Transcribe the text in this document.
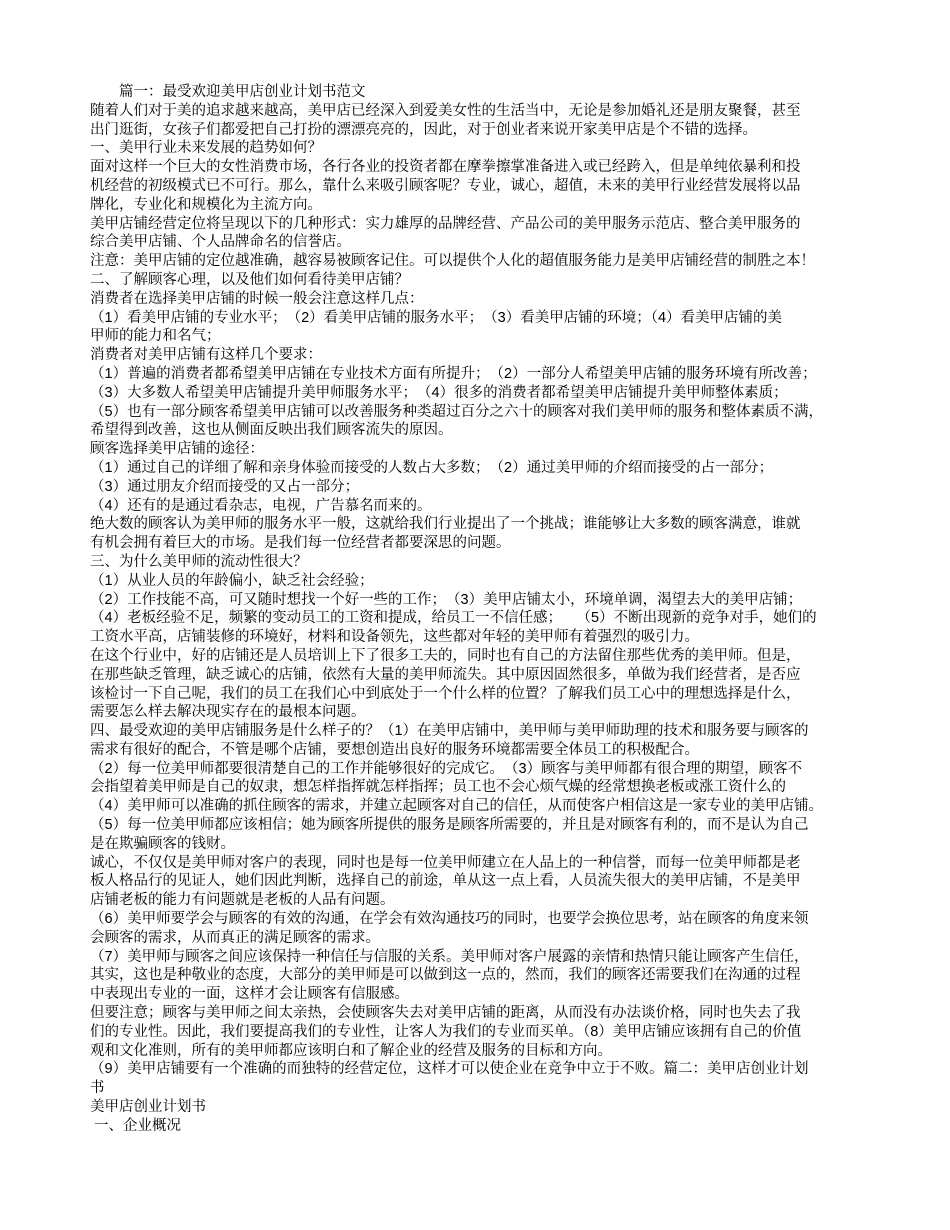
　　篇一：最受欢迎美甲店创业计划书范文
随着人们对于美的追求越来越高，美甲店已经深入到爱美女性的生活当中，无论是参加婚礼还是朋友聚餐，甚至
出门逛街，女孩子们都爱把自己打扮的漂漂亮亮的，因此，对于创业者来说开家美甲店是个不错的选择。
一、美甲行业未来发展的趋势如何？
面对这样一个巨大的女性消费市场，各行各业的投资者都在摩拳擦掌准备进入或已经跨入，但是单纯依暴利和投
机经营的初级模式已不可行。那么，靠什么来吸引顾客呢？专业，诚心，超值，未来的美甲行业经营发展将以品
牌化，专业化和规模化为主流方向。
美甲店铺经营定位将呈现以下的几种形式：实力雄厚的品牌经营、产品公司的美甲服务示范店、整合美甲服务的
综合美甲店铺、个人品牌命名的信誉店。
注意：美甲店铺的定位越准确，越容易被顾客记住。可以提供个人化的超值服务能力是美甲店铺经营的制胜之本！
二、了解顾客心理，以及他们如何看待美甲店铺？
消费者在选择美甲店铺的时候一般会注意这样几点：
（1）看美甲店铺的专业水平；　（2）看美甲店铺的服务水平；　（3）看美甲店铺的环境；（4）看美甲店铺的美
甲师的能力和名气；
消费者对美甲店铺有这样几个要求：
（1）普遍的消费者都希望美甲店铺在专业技术方面有所提升；　（2）一部分人希望美甲店铺的服务环境有所改善；
（3）大多数人希望美甲店铺提升美甲师服务水平；　（4）很多的消费者都希望美甲店铺提升美甲师整体素质；
（5）也有一部分顾客希望美甲店铺可以改善服务种类超过百分之六十的顾客对我们美甲师的服务和整体素质不满，
希望得到改善，这也从侧面反映出我们顾客流失的原因。
顾客选择美甲店铺的途径：
（1）通过自己的详细了解和亲身体验而接受的人数占大多数；　（2）通过美甲师的介绍而接受的占一部分；
（3）通过朋友介绍而接受的又占一部分；
（4）还有的是通过看杂志，电视，广告慕名而来的。
绝大数的顾客认为美甲师的服务水平一般，这就给我们行业提出了一个挑战；谁能够让大多数的顾客满意，谁就
有机会拥有着巨大的市场。是我们每一位经营者都要深思的问题。
三、为什么美甲师的流动性很大？
（1）从业人员的年龄偏小，缺乏社会经验；
（2）工作技能不高，可又随时想找一个好一些的工作；　（3）美甲店铺太小，环境单调，渴望去大的美甲店铺；
（4）老板经验不足，频繁的变动员工的工资和提成，给员工一不信任感；　　（5）不断出现新的竞争对手，她们的
工资水平高，店铺装修的环境好，材料和设备领先，这些都对年轻的美甲师有着强烈的吸引力。
在这个行业中，好的店铺还是人员培训上下了很多工夫的，同时也有自己的方法留住那些优秀的美甲师。但是，
在那些缺乏管理，缺乏诚心的店铺，依然有大量的美甲师流失。其中原因固然很多，单做为我们经营者，是否应
该检讨一下自己呢，我们的员工在我们心中到底处于一个什么样的位置？了解我们员工心中的理想选择是什么，
需要怎么样去解决现实存在的最根本问题。
四、最受欢迎的美甲店铺服务是什么样子的？（1）在美甲店铺中，美甲师与美甲师助理的技术和服务要与顾客的
需求有很好的配合，不管是哪个店铺，要想创造出良好的服务环境都需要全体员工的积极配合。
（2）每一位美甲师都要很清楚自己的工作并能够很好的完成它。　（3）顾客与美甲师都有很合理的期望，顾客不
会指望着美甲师是自己的奴隶，想怎样指挥就怎样指挥；员工也不会心烦气燥的经常想换老板或涨工资什么的
（4）美甲师可以准确的抓住顾客的需求，并建立起顾客对自己的信任，从而使客户相信这是一家专业的美甲店铺。
（5）每一位美甲师都应该相信；她为顾客所提供的服务是顾客所需要的，并且是对顾客有利的，而不是认为自己
是在欺骗顾客的钱财。
诚心，不仅仅是美甲师对客户的表现，同时也是每一位美甲师建立在人品上的一种信誉，而每一位美甲师都是老
板人格品行的见证人，她们因此判断，选择自己的前途，单从这一点上看，人员流失很大的美甲店铺，不是美甲
店铺老板的能力有问题就是老板的人品有问题。
（6）美甲师要学会与顾客的有效的沟通，在学会有效沟通技巧的同时，也要学会换位思考，站在顾客的角度来领
会顾客的需求，从而真正的满足顾客的需求。
（7）美甲师与顾客之间应该保持一种信任与信服的关系。美甲师对客户展露的亲情和热情只能让顾客产生信任，
其实，这也是种敬业的态度，大部分的美甲师是可以做到这一点的，然而，我们的顾客还需要我们在沟通的过程
中表现出专业的一面，这样才会让顾客有信服感。
但要注意；顾客与美甲师之间太亲热，会使顾客失去对美甲店铺的距离，从而没有办法谈价格，同时也失去了我
们的专业性。因此，我们要提高我们的专业性，让客人为我们的专业而买单。（8）美甲店铺应该拥有自己的价值
观和文化准则，所有的美甲师都应该明白和了解企业的经营及服务的目标和方向。
（9）美甲店铺要有一个准确的而独特的经营定位，这样才可以使企业在竞争中立于不败。篇二：美甲店创业计划
书
美甲店创业计划书
一、企业概况
